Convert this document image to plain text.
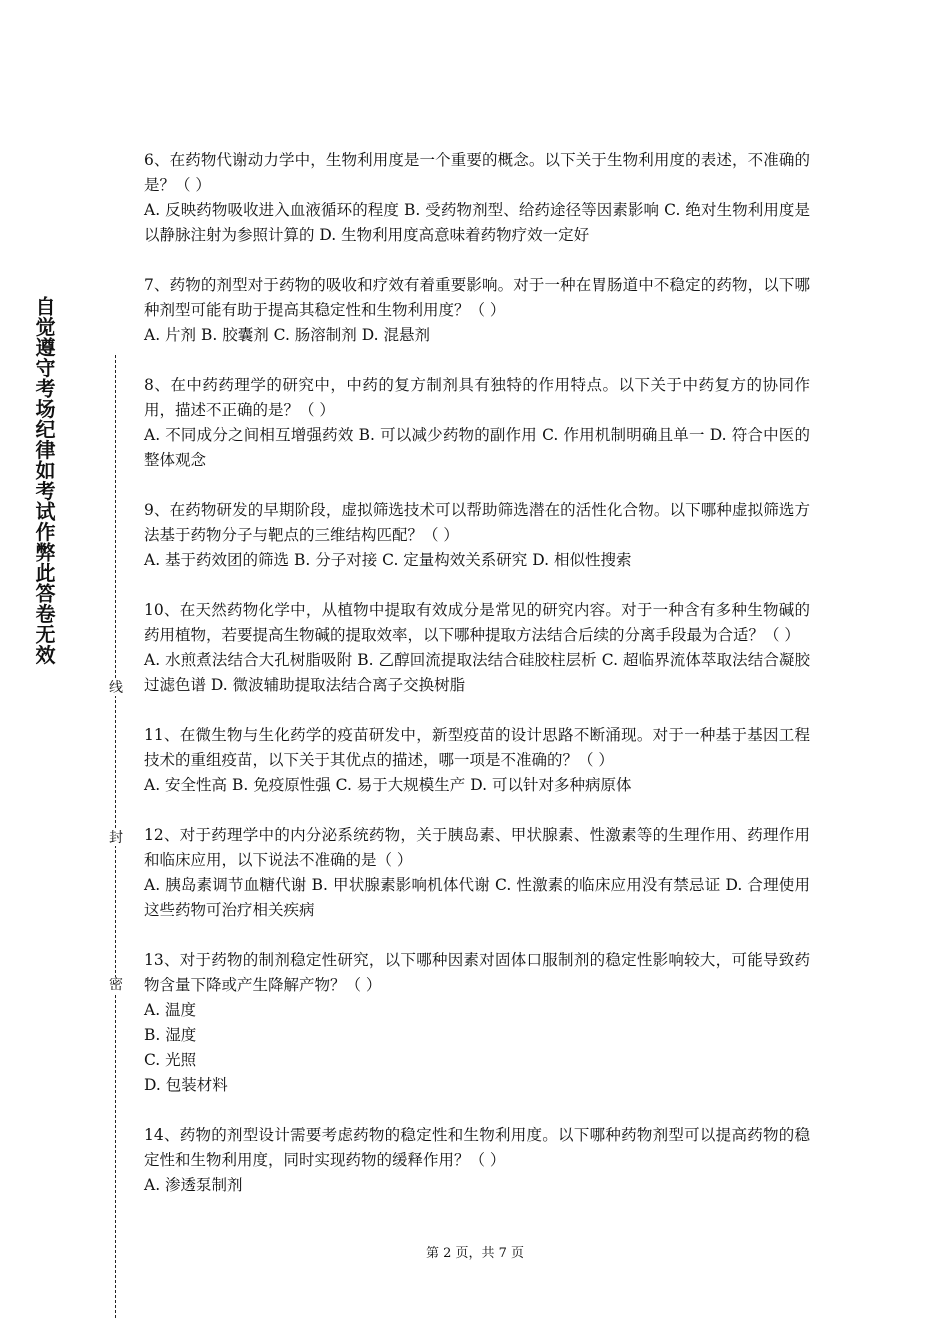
自觉遵守考场纪律如考试作弊此答卷无效
线
封
密

6、在药物代谢动力学中，生物利用度是一个重要的概念。以下关于生物利用度的表述，不准确的是？（ ）

A. 反映药物吸收进入血液循环的程度 B. 受药物剂型、给药途径等因素影响 C. 绝对生物利用度是以静脉注射为参照计算的 D. 生物利用度高意味着药物疗效一定好

7、药物的剂型对于药物的吸收和疗效有着重要影响。对于一种在胃肠道中不稳定的药物，以下哪种剂型可能有助于提高其稳定性和生物利用度？（ ）

A. 片剂 B. 胶囊剂 C. 肠溶制剂 D. 混悬剂

8、在中药药理学的研究中，中药的复方制剂具有独特的作用特点。以下关于中药复方的协同作用，描述不正确的是？（ ）

A. 不同成分之间相互增强药效 B. 可以减少药物的副作用 C. 作用机制明确且单一 D. 符合中医的整体观念

9、在药物研发的早期阶段，虚拟筛选技术可以帮助筛选潜在的活性化合物。以下哪种虚拟筛选方法基于药物分子与靶点的三维结构匹配？（ ）

A. 基于药效团的筛选 B. 分子对接 C. 定量构效关系研究 D. 相似性搜索

10、在天然药物化学中，从植物中提取有效成分是常见的研究内容。对于一种含有多种生物碱的药用植物，若要提高生物碱的提取效率，以下哪种提取方法结合后续的分离手段最为合适？（ ）

A. 水煎煮法结合大孔树脂吸附 B. 乙醇回流提取法结合硅胶柱层析 C. 超临界流体萃取法结合凝胶过滤色谱 D. 微波辅助提取法结合离子交换树脂

11、在微生物与生化药学的疫苗研发中，新型疫苗的设计思路不断涌现。对于一种基于基因工程技术的重组疫苗，以下关于其优点的描述，哪一项是不准确的？（ ）

A. 安全性高 B. 免疫原性强 C. 易于大规模生产 D. 可以针对多种病原体

12、对于药理学中的内分泌系统药物，关于胰岛素、甲状腺素、性激素等的生理作用、药理作用和临床应用，以下说法不准确的是（ ）

A. 胰岛素调节血糖代谢 B. 甲状腺素影响机体代谢 C. 性激素的临床应用没有禁忌证 D. 合理使用这些药物可治疗相关疾病

13、对于药物的制剂稳定性研究，以下哪种因素对固体口服制剂的稳定性影响较大，可能导致药物含量下降或产生降解产物？（ ）

A. 温度

B. 湿度

C. 光照

D. 包装材料

14、药物的剂型设计需要考虑药物的稳定性和生物利用度。以下哪种药物剂型可以提高药物的稳定性和生物利用度，同时实现药物的缓释作用？（ ）

A. 渗透泵制剂

第 2 页，共 7 页
